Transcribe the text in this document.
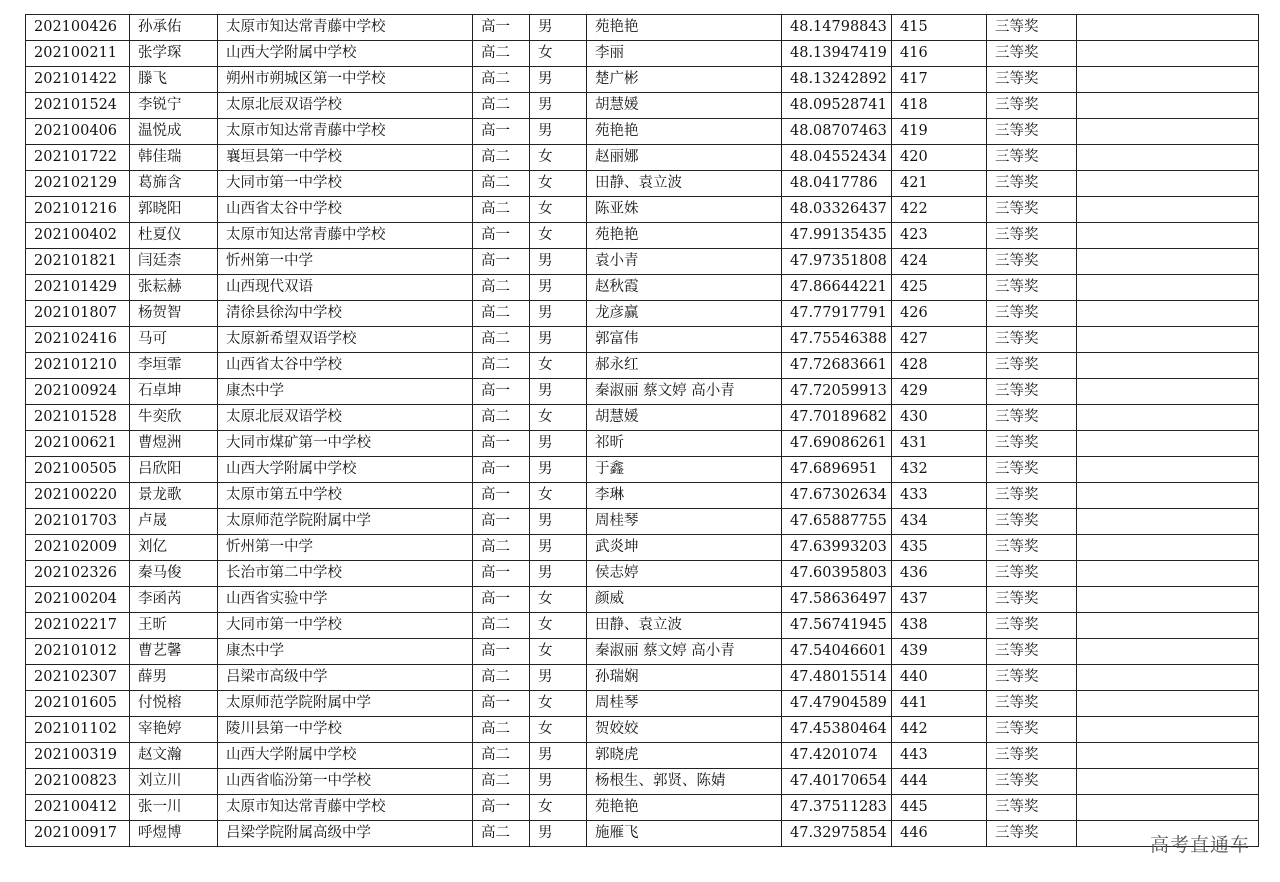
202100426	孙承佑	太原市知达常青藤中学校	高一	男	苑艳艳	48.14798843	415	三等奖	
202100211	张学琛	山西大学附属中学校	高二	女	李丽	48.13947419	416	三等奖	
202101422	滕飞	朔州市朔城区第一中学校	高二	男	楚广彬	48.13242892	417	三等奖	
202101524	李锐宁	太原北辰双语学校	高二	男	胡慧媛	48.09528741	418	三等奖	
202100406	温悦成	太原市知达常青藤中学校	高一	男	苑艳艳	48.08707463	419	三等奖	
202101722	韩佳瑞	襄垣县第一中学校	高二	女	赵丽娜	48.04552434	420	三等奖	
202102129	葛旆含	大同市第一中学校	高二	女	田静、袁立波	48.0417786	421	三等奖	
202101216	郭晓阳	山西省太谷中学校	高二	女	陈亚姝	48.03326437	422	三等奖	
202100402	杜夏仪	太原市知达常青藤中学校	高一	女	苑艳艳	47.99135435	423	三等奖	
202101821	闫廷柰	忻州第一中学	高一	男	袁小青	47.97351808	424	三等奖	
202101429	张耘赫	山西现代双语	高二	男	赵秋霞	47.86644221	425	三等奖	
202101807	杨贺智	清徐县徐沟中学校	高二	男	龙彦赢	47.77917791	426	三等奖	
202102416	马可	太原新希望双语学校	高二	男	郭富伟	47.75546388	427	三等奖	
202101210	李垣霏	山西省太谷中学校	高二	女	郝永红	47.72683661	428	三等奖	
202100924	石卓坤	康杰中学	高一	男	秦淑丽 蔡文婷 高小青	47.72059913	429	三等奖	
202101528	牛奕欣	太原北辰双语学校	高二	女	胡慧媛	47.70189682	430	三等奖	
202100621	曹煜洲	大同市煤矿第一中学校	高一	男	祁昕	47.69086261	431	三等奖	
202100505	吕欣阳	山西大学附属中学校	高一	男	于鑫	47.6896951	432	三等奖	
202100220	景龙歌	太原市第五中学校	高一	女	李琳	47.67302634	433	三等奖	
202101703	卢晟	太原师范学院附属中学	高一	男	周桂琴	47.65887755	434	三等奖	
202102009	刘亿	忻州第一中学	高二	男	武炎坤	47.63993203	435	三等奖	
202102326	秦马俊	长治市第二中学校	高一	男	侯志婷	47.60395803	436	三等奖	
202100204	李函芮	山西省实验中学	高一	女	颜威	47.58636497	437	三等奖	
202102217	王昕	大同市第一中学校	高二	女	田静、袁立波	47.56741945	438	三等奖	
202101012	曹艺馨	康杰中学	高一	女	秦淑丽 蔡文婷 高小青	47.54046601	439	三等奖	
202102307	薛男	吕梁市高级中学	高二	男	孙瑞娴	47.48015514	440	三等奖	
202101605	付悦榕	太原师范学院附属中学	高一	女	周桂琴	47.47904589	441	三等奖	
202101102	宰艳婷	陵川县第一中学校	高二	女	贺姣姣	47.45380464	442	三等奖	
202100319	赵文瀚	山西大学附属中学校	高二	男	郭晓虎	47.4201074	443	三等奖	
202100823	刘立川	山西省临汾第一中学校	高二	男	杨根生、郭贤、陈婧	47.40170654	444	三等奖	
202100412	张一川	太原市知达常青藤中学校	高一	女	苑艳艳	47.37511283	445	三等奖	
202100917	呼煜博	吕梁学院附属高级中学	高二	男	施雁飞	47.32975854	446	三等奖	
高考直通车
